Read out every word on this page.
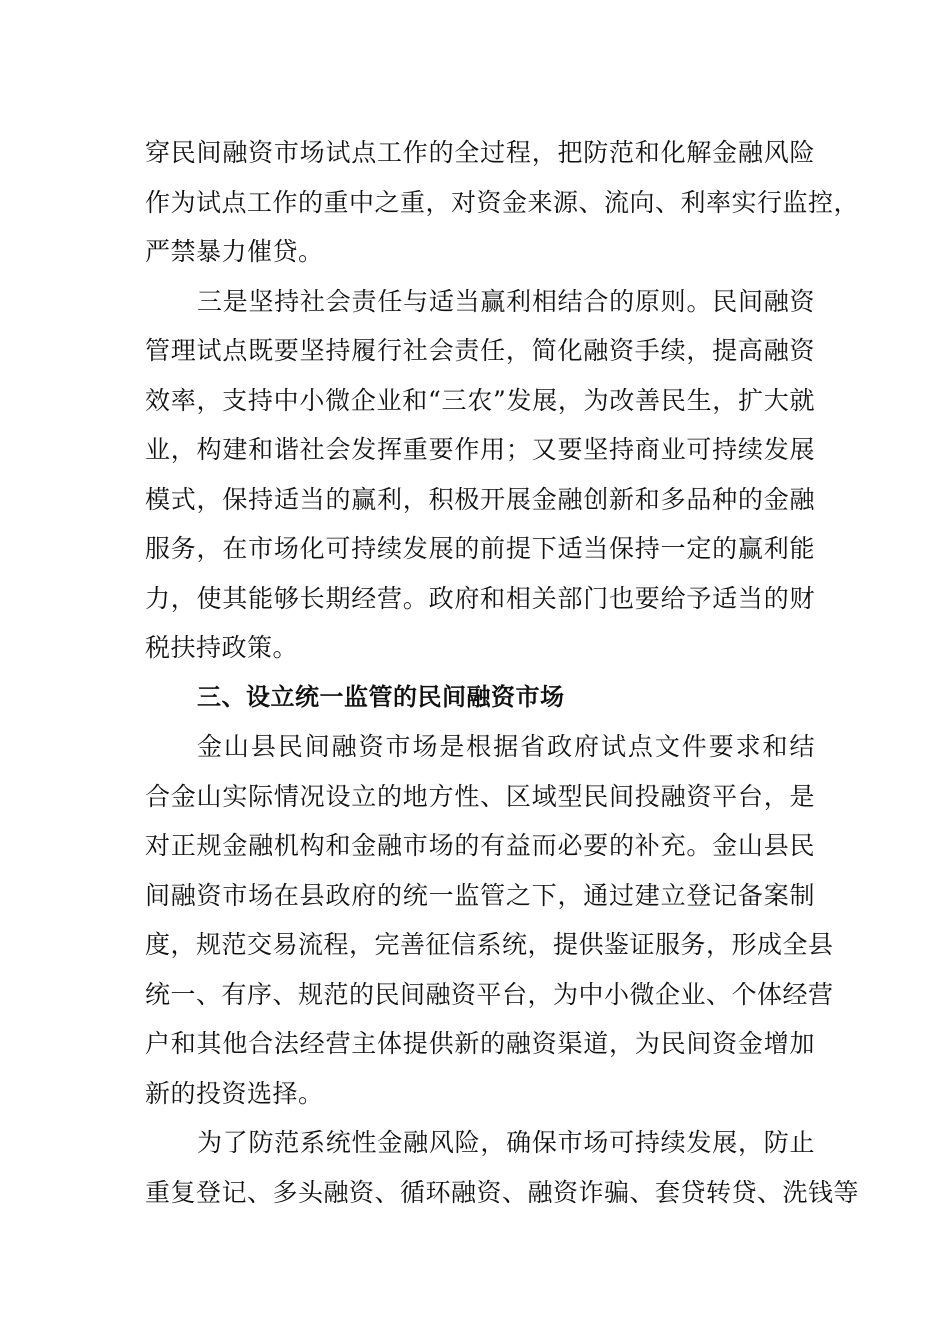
穿民间融资市场试点工作的全过程，把防范和化解金融风险
作为试点工作的重中之重，对资金来源、流向、利率实行监控，
严禁暴力催贷。
三是坚持社会责任与适当赢利相结合的原则。民间融资
管理试点既要坚持履行社会责任，简化融资手续，提高融资
效率，支持中小微企业和“三农”发展，为改善民生，扩大就
业，构建和谐社会发挥重要作用；又要坚持商业可持续发展
模式，保持适当的赢利，积极开展金融创新和多品种的金融
服务，在市场化可持续发展的前提下适当保持一定的赢利能
力，使其能够长期经营。政府和相关部门也要给予适当的财
税扶持政策。
三、设立统一监管的民间融资市场
金山县民间融资市场是根据省政府试点文件要求和结
合金山实际情况设立的地方性、区域型民间投融资平台，是
对正规金融机构和金融市场的有益而必要的补充。金山县民
间融资市场在县政府的统一监管之下，通过建立登记备案制
度，规范交易流程，完善征信系统，提供鉴证服务，形成全县
统一、有序、规范的民间融资平台，为中小微企业、个体经营
户和其他合法经营主体提供新的融资渠道，为民间资金增加
新的投资选择。
为了防范系统性金融风险，确保市场可持续发展，防止
重复登记、多头融资、循环融资、融资诈骗、套贷转贷、洗钱等
